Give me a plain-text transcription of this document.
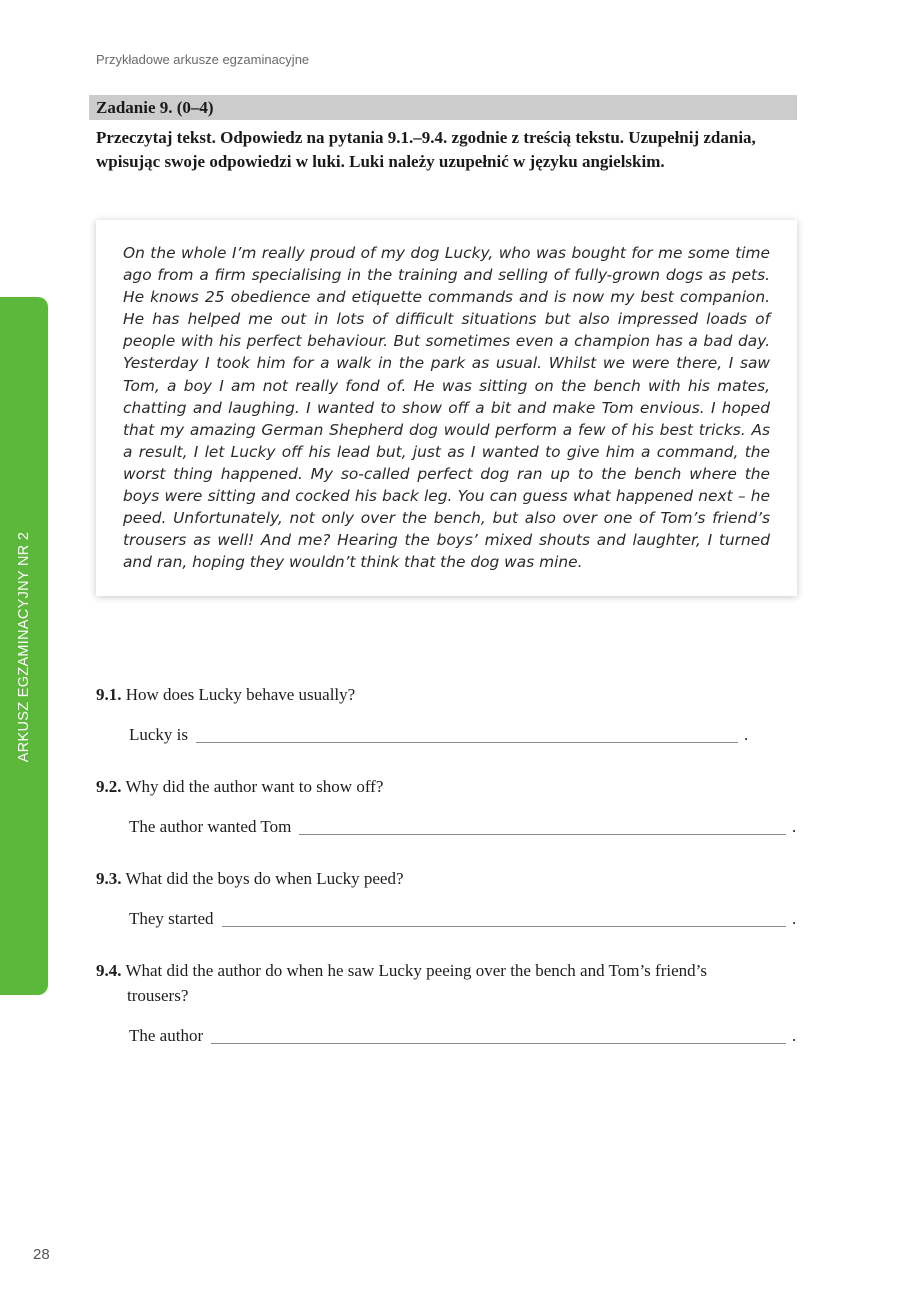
Przykładowe arkusze egzaminacyjne
Zadanie 9. (0–4)

Przeczytaj tekst. Odpowiedz na pytania 9.1.–9.4. zgodnie z treścią tekstu. Uzupełnij zdania, wpisując swoje odpowiedzi w luki. Luki należy uzupełnić w języku angielskim.

On the whole I’m really proud of my dog Lucky, who was bought for me some time ago from a firm specialising in the training and selling of fully-grown dogs as pets. He knows 25 obedience and etiquette commands and is now my best companion. He has helped me out in lots of difficult situations but also impressed loads of people with his perfect behaviour. But sometimes even a champion has a bad day. Yesterday I took him for a walk in the park as usual. Whilst we were there, I saw Tom, a boy I am not really fond of. He was sitting on the bench with his mates, chatting and laughing. I wanted to show off a bit and make Tom envious. I hoped that my amazing German Shepherd dog would perform a few of his best tricks. As a result, I let Lucky off his lead but, just as I wanted to give him a command, the worst thing happened. My so-called perfect dog ran up to the bench where the boys were sitting and cocked his back leg. You can guess what happened next – he peed. Unfortunately, not only over the bench, but also over one of Tom’s friend’s trousers as well! And me? Hearing the boys’ mixed shouts and laughter, I turned and ran, hoping they wouldn’t think that the dog was mine.

ARKUSZ EGZAMINACYJNY NR 2	9.1. How does Lucky behave usually?
Lucky is	.
9.2. Why did the author want to show off?
The author wanted Tom	.
9.3. What did the boys do when Lucky peed?
They started	.
9.4. What did the author do when he saw Lucky peeing over the bench and Tom’s friend’s
trousers?
The author	.
28
